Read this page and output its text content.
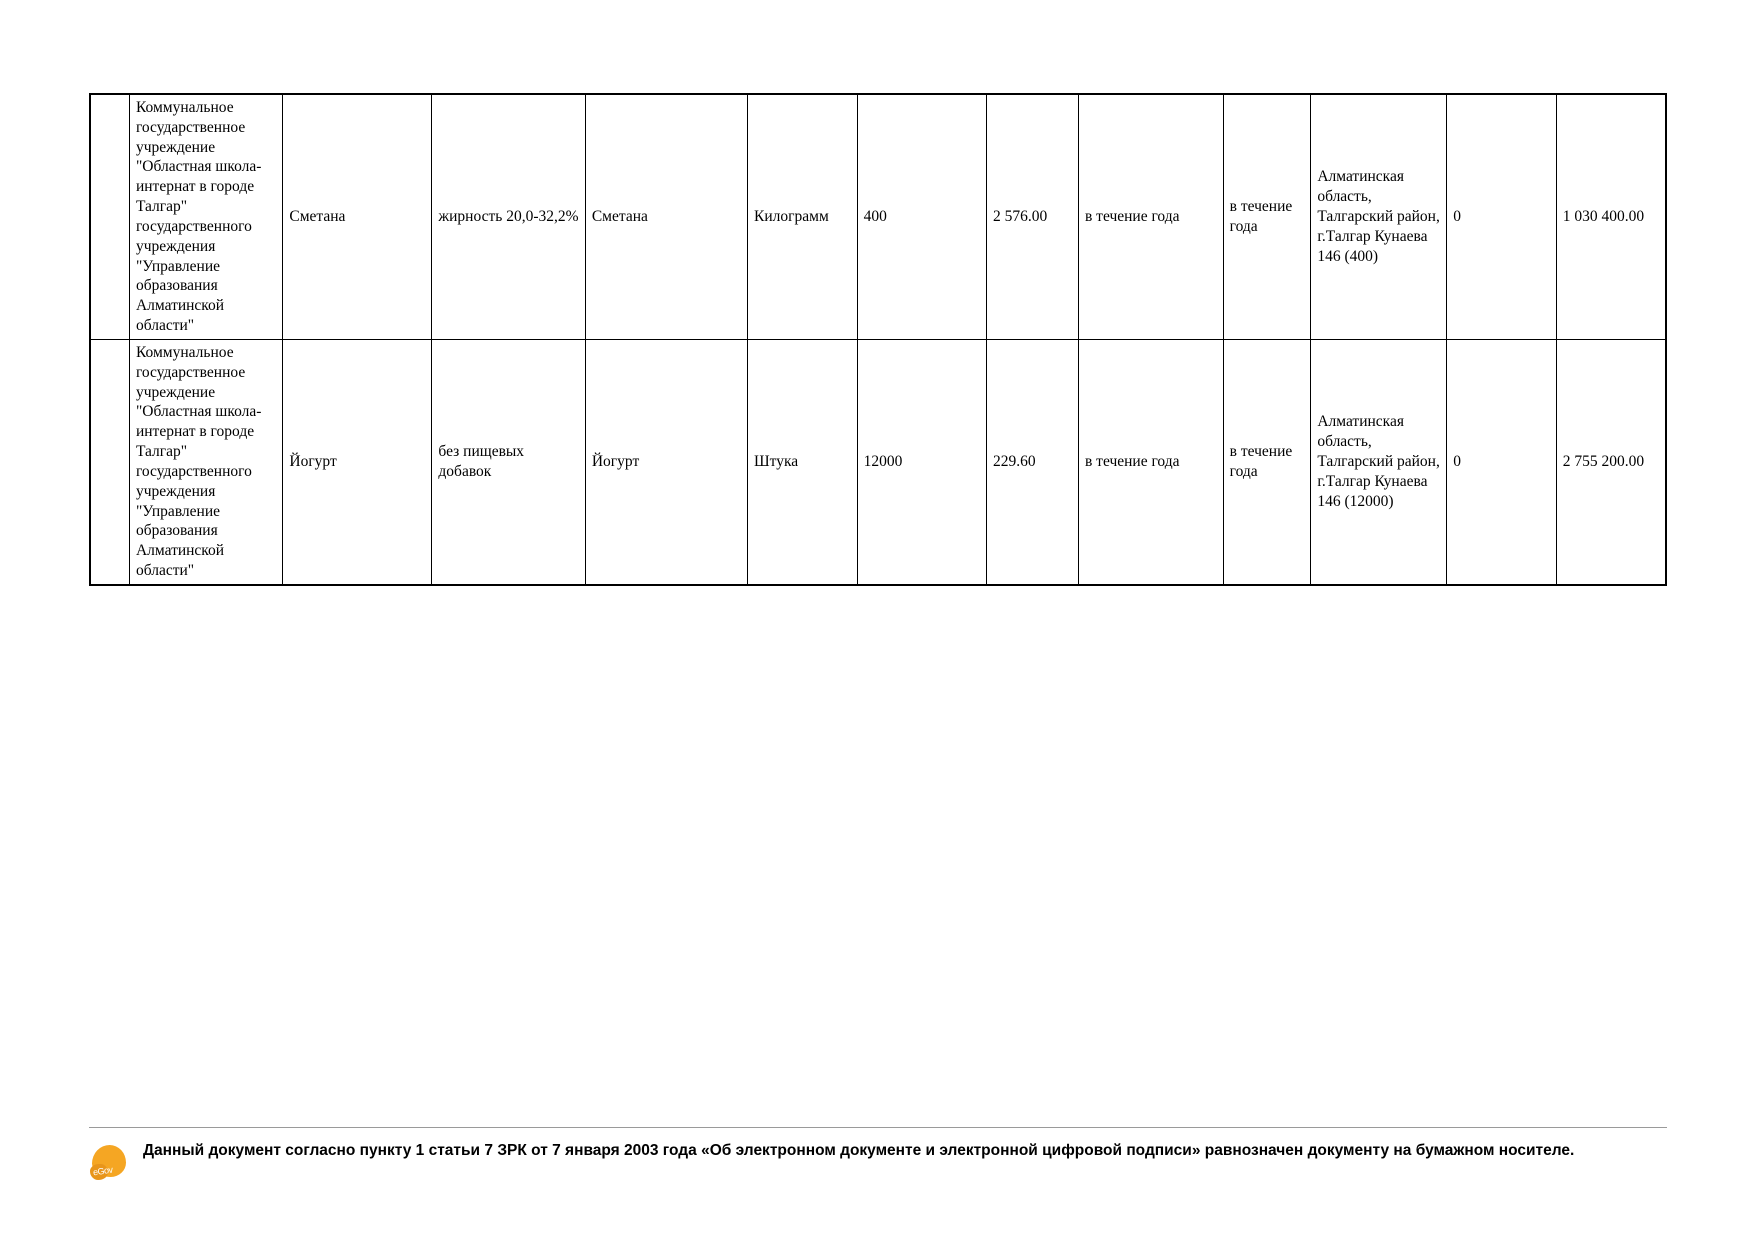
	Коммунальное государственное учреждение "Областная школа-интернат в городе Талгар" государственного учреждения "Управление образования Алматинской области"	Сметана	жирность 20,0-32,2%	Сметана	Килограмм	400	2 576.00	в течение года	в течение года	Алматинская область, Талгарский район, г.Талгар Кунаева 146 (400)	0	1 030 400.00
	Коммунальное государственное учреждение "Областная школа-интернат в городе Талгар" государственного учреждения "Управление образования Алматинской области"	Йогурт	без пищевых добавок	Йогурт	Штука	12000	229.60	в течение года	в течение года	Алматинская область, Талгарский район, г.Талгар Кунаева 146 (12000)	0	2 755 200.00
eGov
Данный документ согласно пункту 1 статьи 7 ЗРК от 7 января 2003 года «Об электронном документе и электронной цифровой подписи» равнозначен документу на бумажном носителе.
